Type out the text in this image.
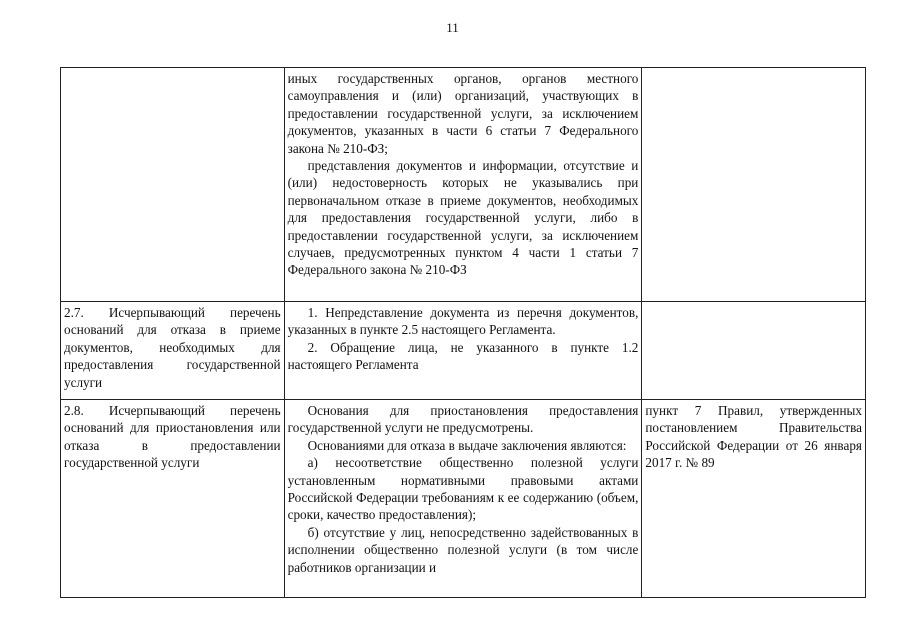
11

	иных государственных органов, органов местного самоуправления и (или) организаций, участвующих в предоставлении государственной услуги, за исключением документов, указанных в части 6 статьи 7 Федерального закона № 210-ФЗ;

представления документов и информации, отсутствие и (или) недостоверность которых не указывались при первоначальном отказе в приеме документов, необходимых для предоставления государственной услуги, либо в предоставлении государственной услуги, за исключением случаев, предусмотренных пунктом 4 части 1 статьи 7 Федерального закона № 210-ФЗ	

2.7. Исчерпывающий перечень оснований для отказа в приеме документов, необходимых для предоставления государственной услуги	1. Непредставление документа из перечня документов, указанных в пункте 2.5 настоящего Регламента.

2. Обращение лица, не указанного в пункте 1.2 настоящего Регламента	

2.8. Исчерпывающий перечень оснований для приостановления или отказа в предоставлении государственной услуги	Основания для приостановления предоставления государственной услуги не предусмотрены.

Основаниями для отказа в выдаче заключения являются:

а) несоответствие общественно полезной услуги установленным нормативными правовыми актами Российской Федерации требованиям к ее содержанию (объем, сроки, качество предоставления);

б) отсутствие у лиц, непосредственно задействованных в исполнении общественно полезной услуги (в том числе работников организации и	пункт 7 Правил, утвержденных постановлением Правительства Российской Федерации от 26 января 2017 г. № 89
